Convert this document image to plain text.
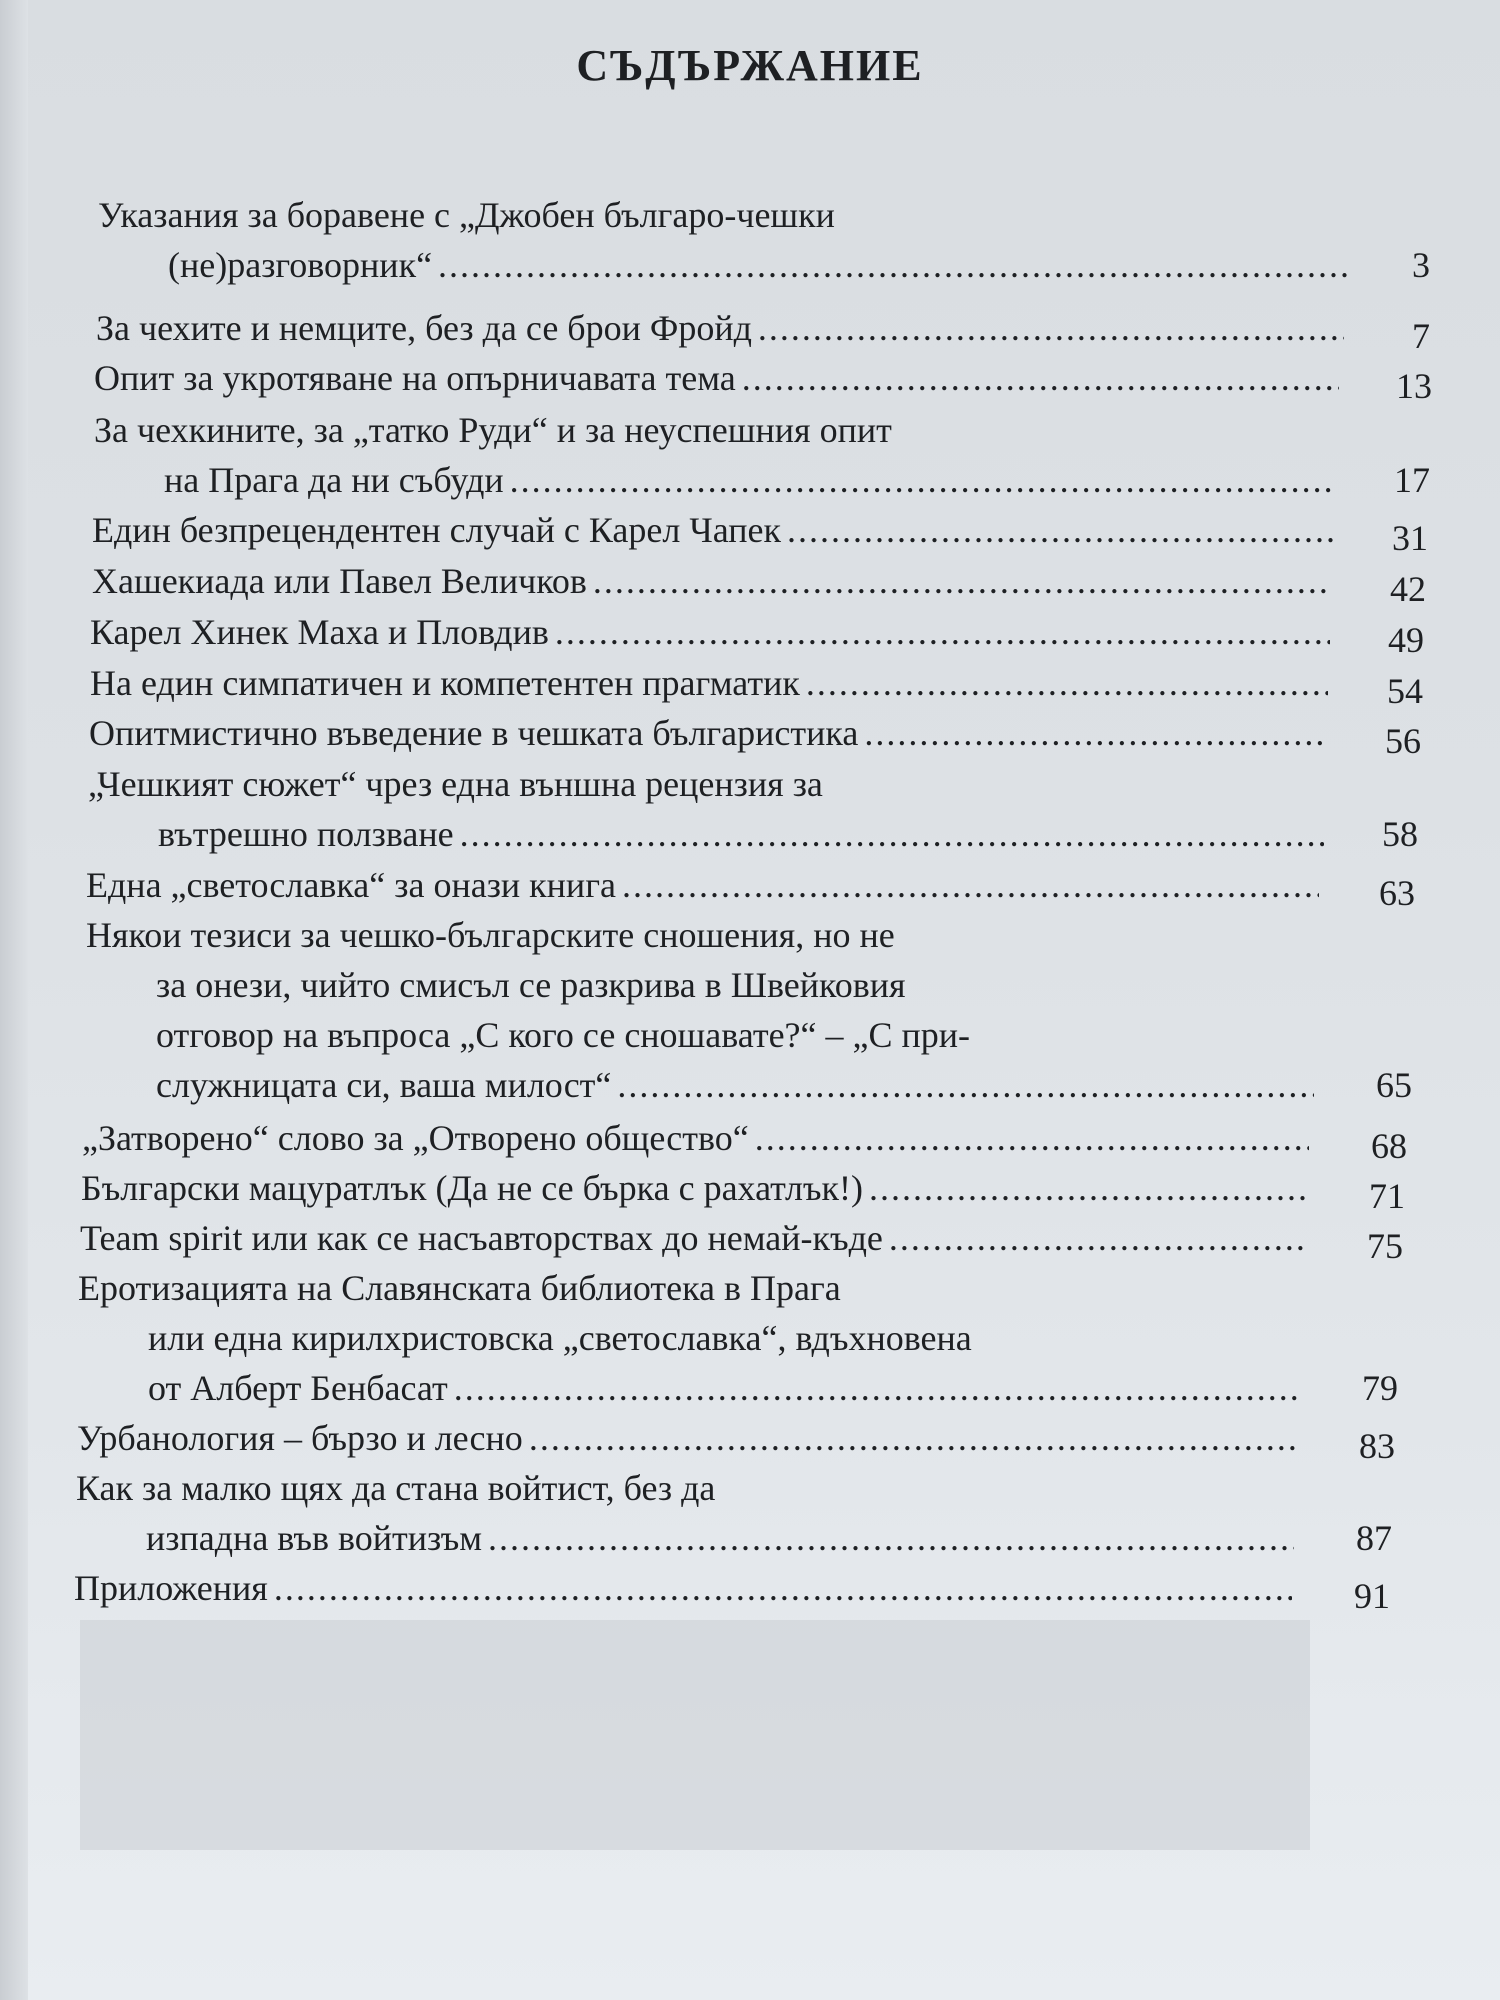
СЪДЪРЖАНИЕ
Указания за боравене с „Джобен българо-чешки
3
(не)разговорник“
.....
7
За чехите и немците, без да се брои Фройд
.....
13
Опит за укротяване на опърничавата тема
.....
За чехкините, за „татко Руди“ и за неуспешния опит
17
на Прага да ни събуди
.....
31
Един безпрецендентен случай с Карел Чапек
.....
42
Хашекиада или Павел Величков
.....
49
Карел Хинек Маха и Пловдив
.....
54
На един симпатичен и компетентен прагматик
.....
56
Опитмистично въведение в чешката българистика
.....
„Чешкият сюжет“ чрез една външна рецензия за
58
вътрешно ползване
.....
63
Една „светославка“ за онази книга
.....
Някои тезиси за чешко-българските сношения, но не
за онези, чийто смисъл се разкрива в Швейковия
отговор на въпроса „С кого се сношавате?“ – „С при-
65
служницата си, ваша милост“
.....
68
„Затворено“ слово за „Отворено общество“
.....
71
Български мацуратлък (Да не се бърка с рахатлък!)
.....
75
Team spirit или как се насъавторствах до немай-къде
.....
Еротизацията на Славянската библиотека в Прага
или една кирилхристовска „светославка“, вдъхновена
79
от Алберт Бенбасат
.....
83
Урбанология – бързо и лесно
.....
Как за малко щях да стана войтист, без да
87
изпадна във войтизъм
.....
91
Приложения
.....
